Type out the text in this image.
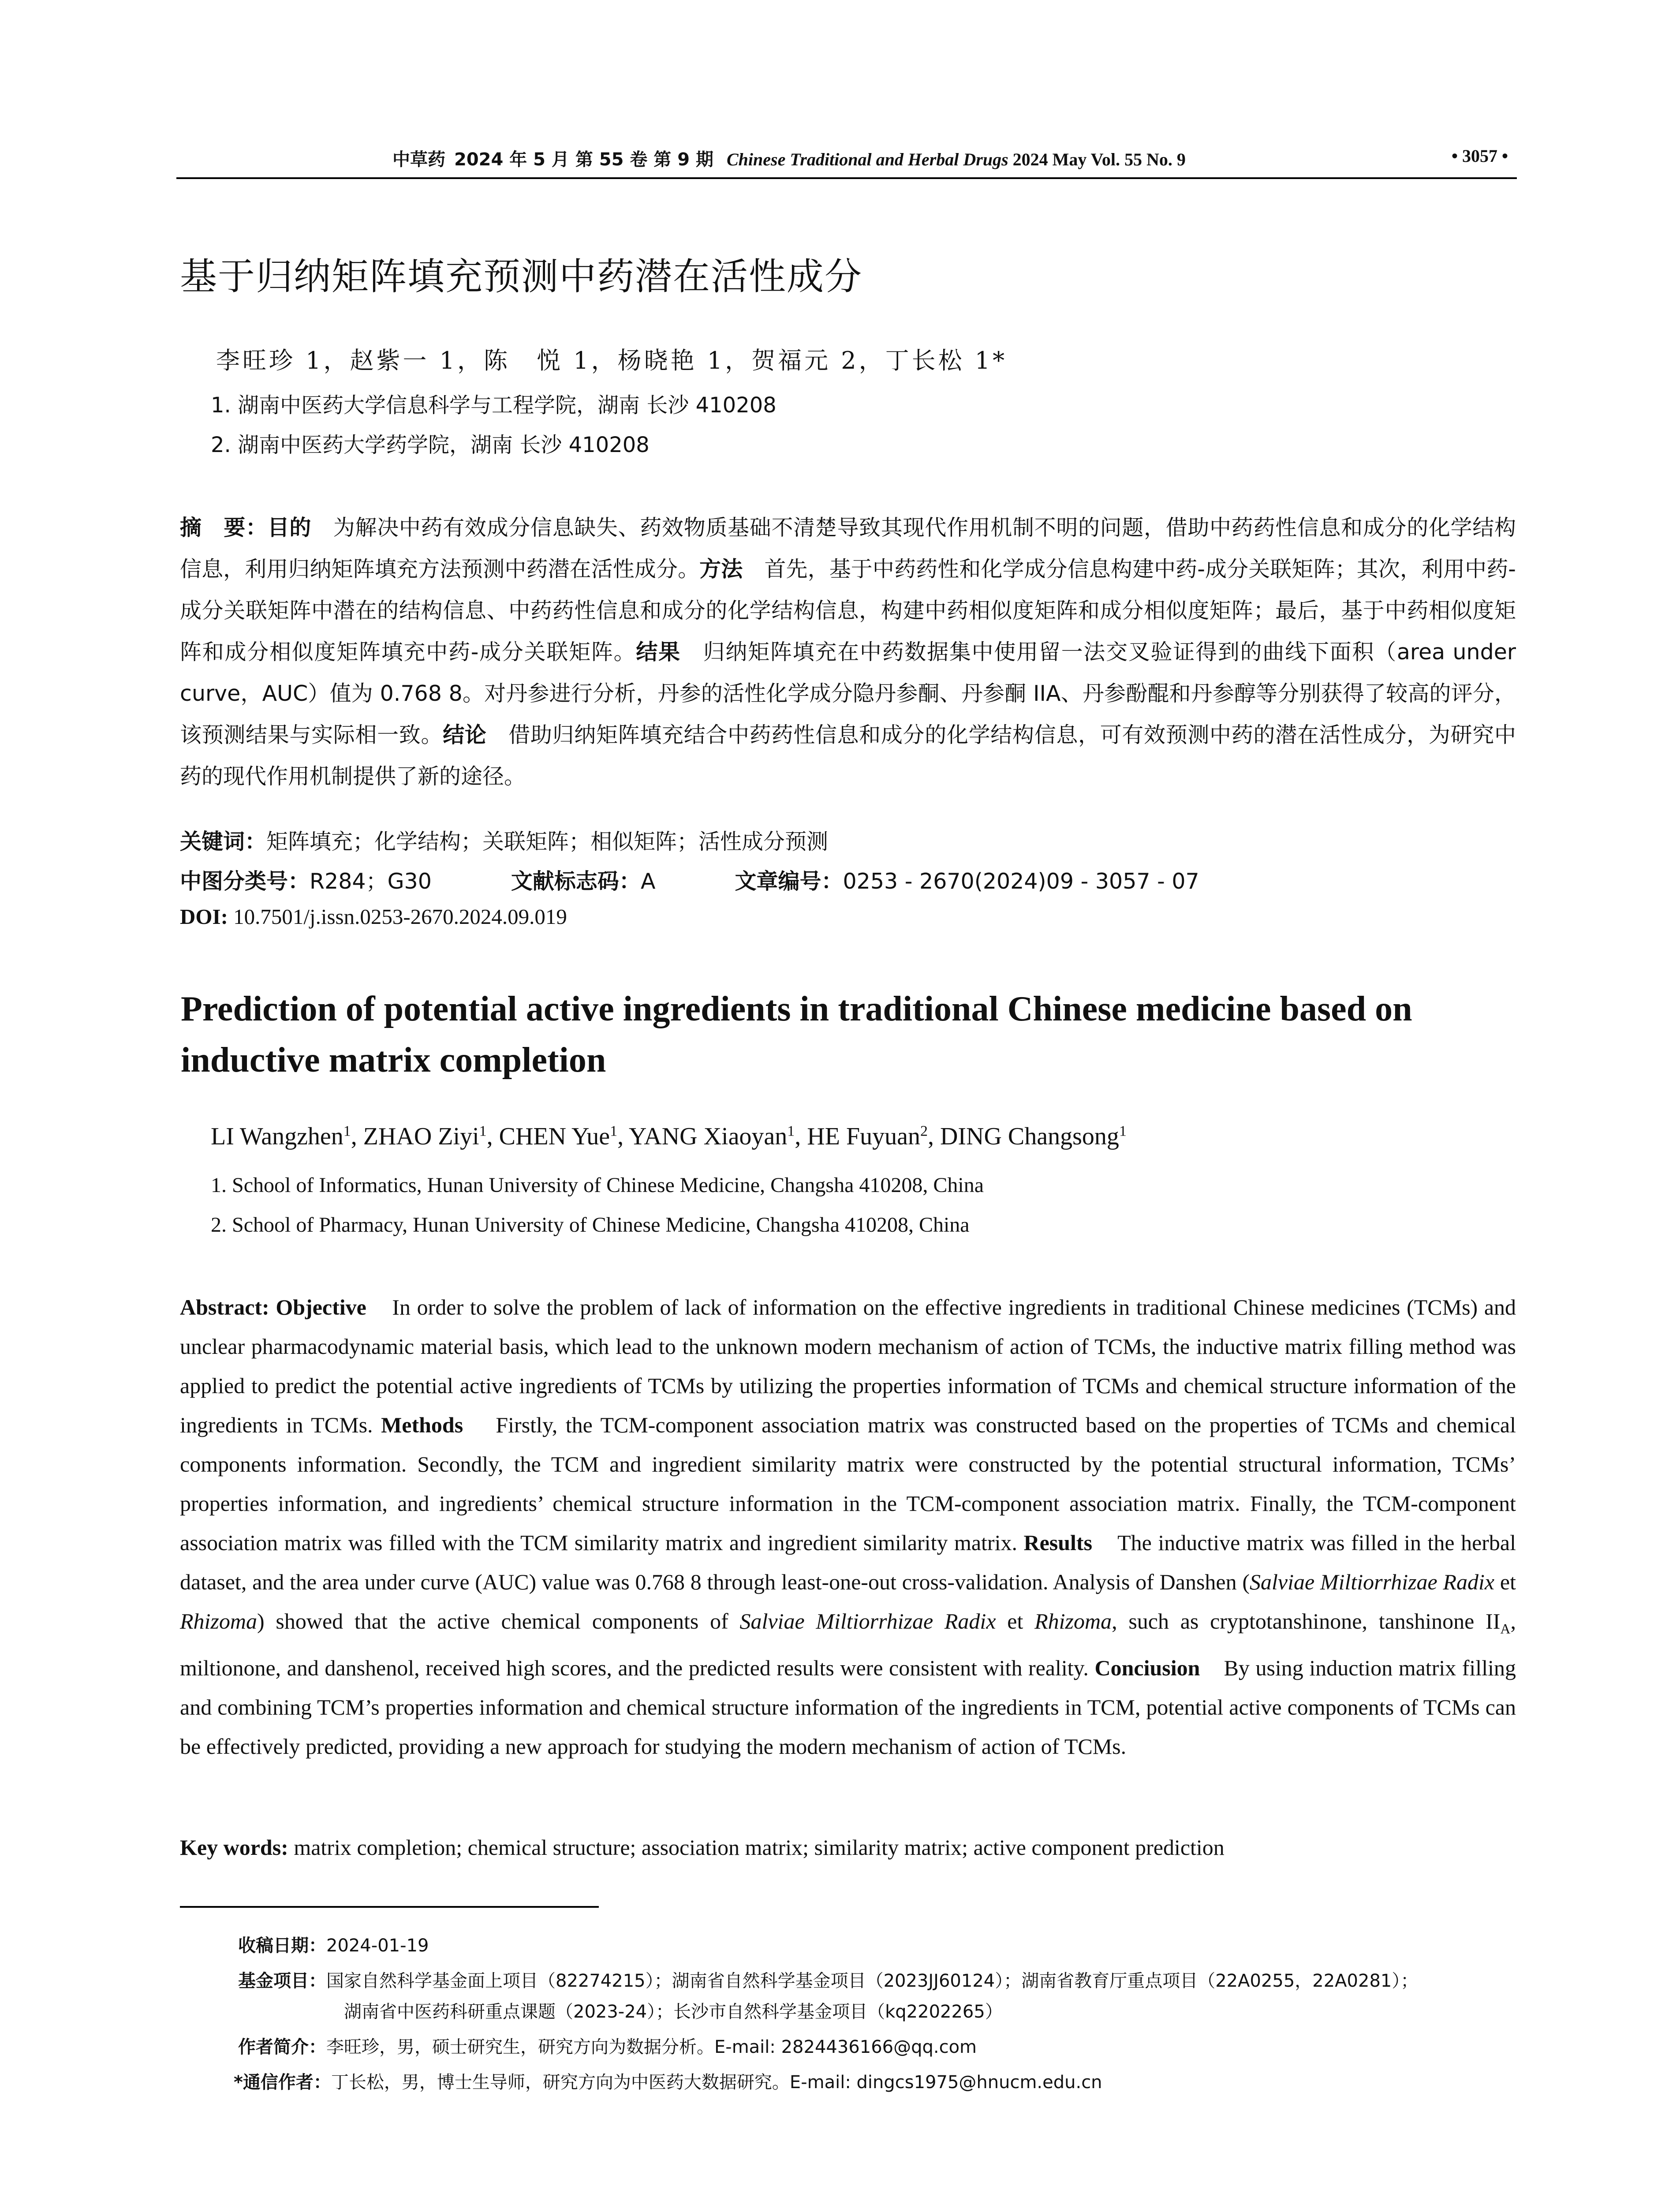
中草药 2024 年 5 月 第 55 卷 第 9 期 Chinese Traditional and Herbal Drugs 2024 May Vol. 55 No. 9	• 3057 •
基于归纳矩阵填充预测中药潜在活性成分
李旺珍 1，赵紫一 1，陈　悦 1，杨晓艳 1，贺福元 2，丁长松 1*
1. 湖南中医药大学信息科学与工程学院，湖南 长沙 410208
2. 湖南中医药大学药学院，湖南 长沙 410208
摘　要：目的　为解决中药有效成分信息缺失、药效物质基础不清楚导致其现代作用机制不明的问题，借助中药药性信息和成分的化学结构信息，利用归纳矩阵填充方法预测中药潜在活性成分。方法　首先，基于中药药性和化学成分信息构建中药-成分关联矩阵；其次，利用中药-成分关联矩阵中潜在的结构信息、中药药性信息和成分的化学结构信息，构建中药相似度矩阵和成分相似度矩阵；最后，基于中药相似度矩阵和成分相似度矩阵填充中药-成分关联矩阵。结果　归纳矩阵填充在中药数据集中使用留一法交叉验证得到的曲线下面积（area under curve，AUC）值为 0.768 8。对丹参进行分析，丹参的活性化学成分隐丹参酮、丹参酮 IIA、丹参酚醌和丹参醇等分别获得了较高的评分，该预测结果与实际相一致。结论　借助归纳矩阵填充结合中药药性信息和成分的化学结构信息，可有效预测中药的潜在活性成分，为研究中药的现代作用机制提供了新的途径。
关键词：矩阵填充；化学结构；关联矩阵；相似矩阵；活性成分预测
中图分类号：R284；G30	文献标志码：A	文章编号：0253 - 2670(2024)09 - 3057 - 07
DOI: 10.7501/j.issn.0253-2670.2024.09.019
Prediction of potential active ingredients in traditional Chinese medicine based on inductive matrix completion
LI Wangzhen$^1$, ZHAO Ziyi$^1$, CHEN Yue$^1$, YANG Xiaoyan$^1$, HE Fuyuan$^2$, DING Changsong$^1$
1. School of Informatics, Hunan University of Chinese Medicine, Changsha 410208, China
2. School of Pharmacy, Hunan University of Chinese Medicine, Changsha 410208, China
Abstract: Objective In order to solve the problem of lack of information on the effective ingredients in traditional Chinese medicines (TCMs) and unclear pharmacodynamic material basis, which lead to the unknown modern mechanism of action of TCMs, the inductive matrix filling method was applied to predict the potential active ingredients of TCMs by utilizing the properties information of TCMs and chemical structure information of the ingredients in TCMs. Methods Firstly, the TCM-component association matrix was constructed based on the properties of TCMs and chemical components information. Secondly, the TCM and ingredient similarity matrix were constructed by the potential structural information, TCMs’ properties information, and ingredients’ chemical structure information in the TCM-component association matrix. Finally, the TCM-component association matrix was filled with the TCM similarity matrix and ingredient similarity matrix. Results The inductive matrix was filled in the herbal dataset, and the area under curve (AUC) value was 0.768 8 through least-one-out cross-validation. Analysis of Danshen (Salviae Miltiorrhizae Radix et Rhizoma) showed that the active chemical components of Salviae Miltiorrhizae Radix et Rhizoma, such as cryptotanshinone, tanshinone $II_A$, miltionone, and danshenol, received high scores, and the predicted results were consistent with reality. Conciusion By using induction matrix filling and combining TCM’s properties information and chemical structure information of the ingredients in TCM, potential active components of TCMs can be effectively predicted, providing a new approach for studying the modern mechanism of action of TCMs.
Key words: matrix completion; chemical structure; association matrix; similarity matrix; active component prediction
收稿日期：2024-01-19
基金项目：国家自然科学基金面上项目（82274215）；湖南省自然科学基金项目（2023JJ60124）；湖南省教育厅重点项目（22A0255，22A0281）；
湖南省中医药科研重点课题（2023-24）；长沙市自然科学基金项目（kq2202265）
作者简介：李旺珍，男，硕士研究生，研究方向为数据分析。E-mail: 2824436166@qq.com
*通信作者：丁长松，男，博士生导师，研究方向为中医药大数据研究。E-mail: dingcs1975@hnucm.edu.cn
